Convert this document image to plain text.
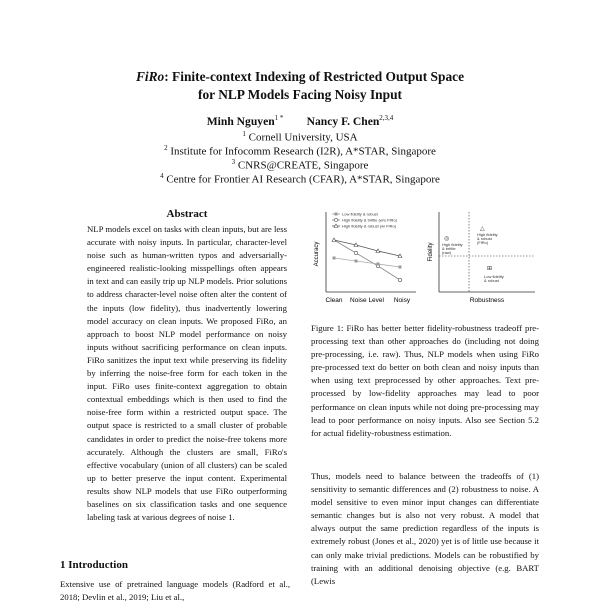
FiRo: Finite-context Indexing of Restricted Output Space
for NLP Models Facing Noisy Input
Minh Nguyen$^{1 *}$ Nancy F. Chen$^{2,3,4}$
$^1$ Cornell University, USA
$^2$ Institute for Infocomm Research (I2R), A*STAR, Singapore
$^3$ CNRS@CREATE, Singapore
$^4$ Centre for Frontier AI Research (CFAR), A*STAR, Singapore
Abstract

NLP models excel on tasks with clean inputs, but are less accurate with noisy inputs. In particular, character-level noise such as human-written typos and adversarially-engineered realistic-looking misspellings often appears in text and can easily trip up NLP models. Prior solutions to address character-level noise often alter the content of the inputs (low fidelity), thus inadvertently lowering model accuracy on clean inputs. We proposed FiRo, an approach to boost NLP model performance on noisy inputs without sacrificing performance on clean inputs. FiRo sanitizes the input text while preserving its fidelity by inferring the noise-free form for each token in the input. FiRo uses finite-context aggregation to obtain contextual embeddings which is then used to find the noise-free form within a restricted output space. The output space is restricted to a small cluster of probable candidates in order to predict the noise-free tokens more accurately. Although the clusters are small, FiRo's effective vocabulary (union of all clusters) can be scaled up to better preserve the input content. Experimental results show NLP models that use FiRo outperforming baselines on six classification tasks and one sequence labeling task at various degrees of noise 1.

1 Introduction
Extensive use of pretrained language models (Radford et al., 2018; Devlin et al., 2019; Liu et al.,
Accuracy
Low fidelity & robust
High fidelity & brittle (w/o FiRo)
High fidelity & robust (w/ FiRo)
Clean Noise Level Noisy
Fidelity
Robustness
△
High fidelity
& robust
(FiRo)
◎
High fidelity
& brittle
(raw)
⊞
Low fidelity
& robust
Figure 1: FiRo has better better fidelity-robustness tradeoff pre-processing text than other approaches do (including not doing pre-processing, i.e. raw). Thus, NLP models when using FiRo pre-processed text do better on both clean and noisy inputs than when using text preprocessed by other approaches. Text pre-processed by low-fidelity approaches may lead to poor performance on clean inputs while not doing pre-processing may lead to poor performance on noisy inputs. Also see Section 5.2 for actual fidelity-robustness estimation.

Thus, models need to balance between the tradeoffs of (1) sensitivity to semantic differences and (2) robustness to noise. A model sensitive to even minor input changes can differentiate semantic changes but is also not very robust. A model that always output the same prediction regardless of the inputs is extremely robust (Jones et al., 2020) yet is of little use because it can only make trivial predictions. Models can be robustified by training with an additional denoising objective (e.g. BART (Lewis
